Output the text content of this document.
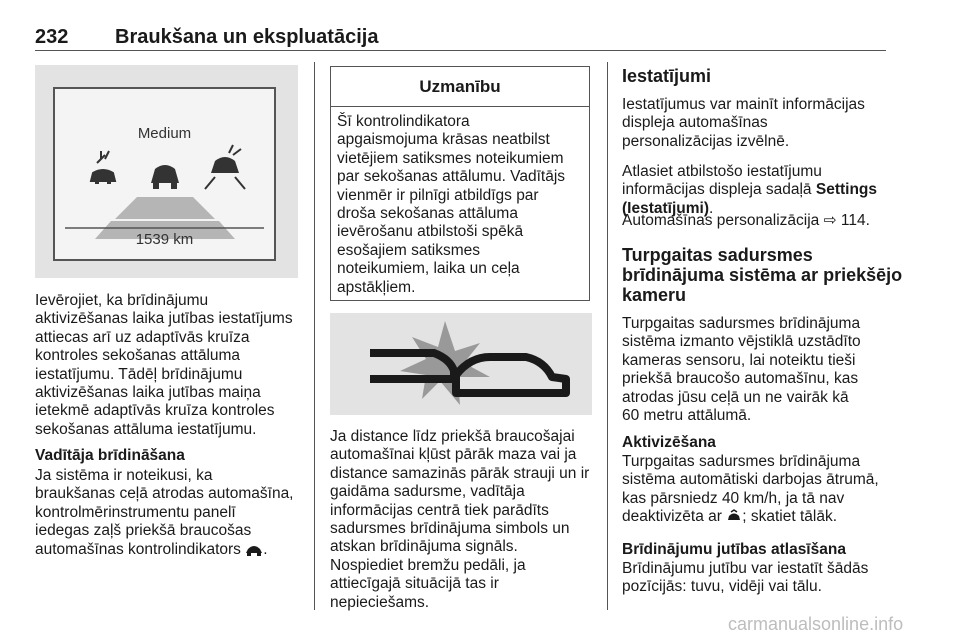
232 Braukšana un ekspluatācija
Medium
1539 km
Ievērojiet, ka brīdinājumu
aktivizēšanas laika jutības iestatījums
attiecas arī uz adaptīvās kruīza
kontroles sekošanas attāluma
iestatījumu. Tādēļ brīdinājumu
aktivizēšanas laika jutības maiņa
ietekmē adaptīvās kruīza kontroles
sekošanas attāluma iestatījumu.
Vadītāja brīdināšana
Ja sistēma ir noteikusi, ka
braukšanas ceļā atrodas automašīna,
kontrolmērinstrumentu panelī
iedegas zaļš priekšā braucošas
automašīnas kontrolindikators .
Uzmanību
Šī kontrolindikatora
apgaismojuma krāsas neatbilst
vietējiem satiksmes noteikumiem
par sekošanas attālumu. Vadītājs
vienmēr ir pilnīgi atbildīgs par
droša sekošanas attāluma
ievērošanu atbilstoši spēkā
esošajiem satiksmes
noteikumiem, laika un ceļa
apstākļiem.
Ja distance līdz priekšā braucošajai
automašīnai kļūst pārāk maza vai ja
distance samazinās pārāk strauji un ir
gaidāma sadursme, vadītāja
informācijas centrā tiek parādīts
sadursmes brīdinājuma simbols un
atskan brīdinājuma signāls.
Nospiediet bremžu pedāli, ja
attiecīgajā situācijā tas ir
nepieciešams.
Iestatījumi
Iestatījumus var mainīt informācijas
displeja automašīnas
personalizācijas izvēlnē.
Atlasiet atbilstošo iestatījumu
informācijas displeja sadaļā Settings
(Iestatījumi).
Automašīnas personalizācija ⇨ 114.
Turpgaitas sadursmes
brīdinājuma sistēma ar priekšējo
kameru
Turpgaitas sadursmes brīdinājuma
sistēma izmanto vējstiklā uzstādīto
kameras sensoru, lai noteiktu tieši
priekšā braucošo automašīnu, kas
atrodas jūsu ceļā un ne vairāk kā
60 metru attālumā.
Aktivizēšana
Turpgaitas sadursmes brīdinājuma
sistēma automātiski darbojas ātrumā,
kas pārsniedz 40 km/h, ja tā nav
deaktivizēta ar ; skatiet tālāk.
Brīdinājumu jutības atlasīšana
Brīdinājumu jutību var iestatīt šādās
pozīcijās: tuvu, vidēji vai tālu.
carmanualsonline.info
